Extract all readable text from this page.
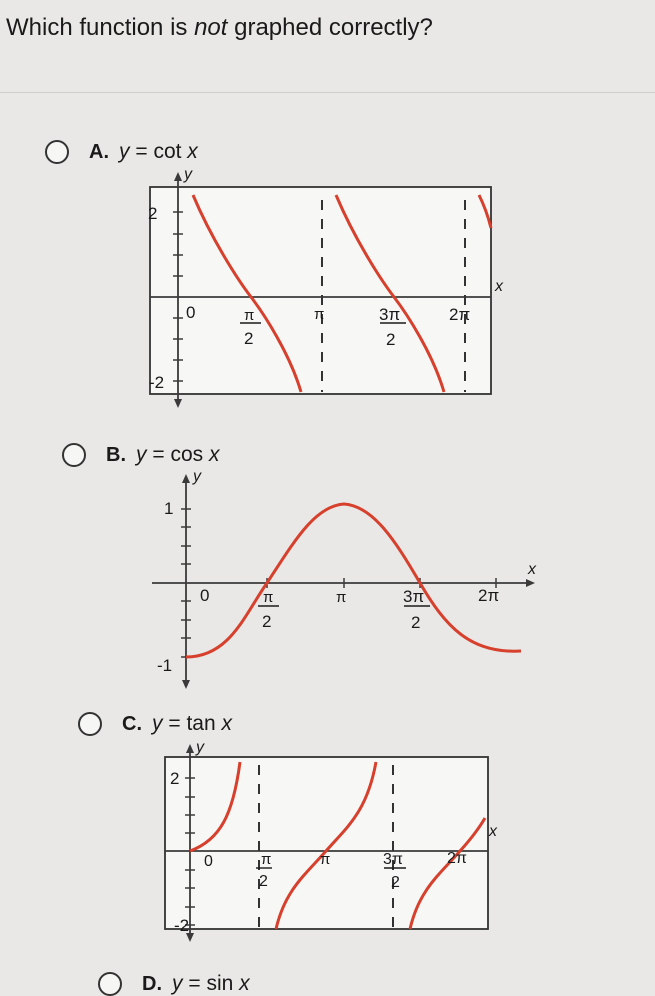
Which function is not graphed correctly?
A. y = cot x
y
2
-2
0
x
π
2
π	3π
2
2π
B. y = cos x
y
1
-1
0
x
π
2
π	3π
2
2π
C. y = tan x
y
2
-2
0
x
π
2
π	3π
2
2π
D. y = sin x
